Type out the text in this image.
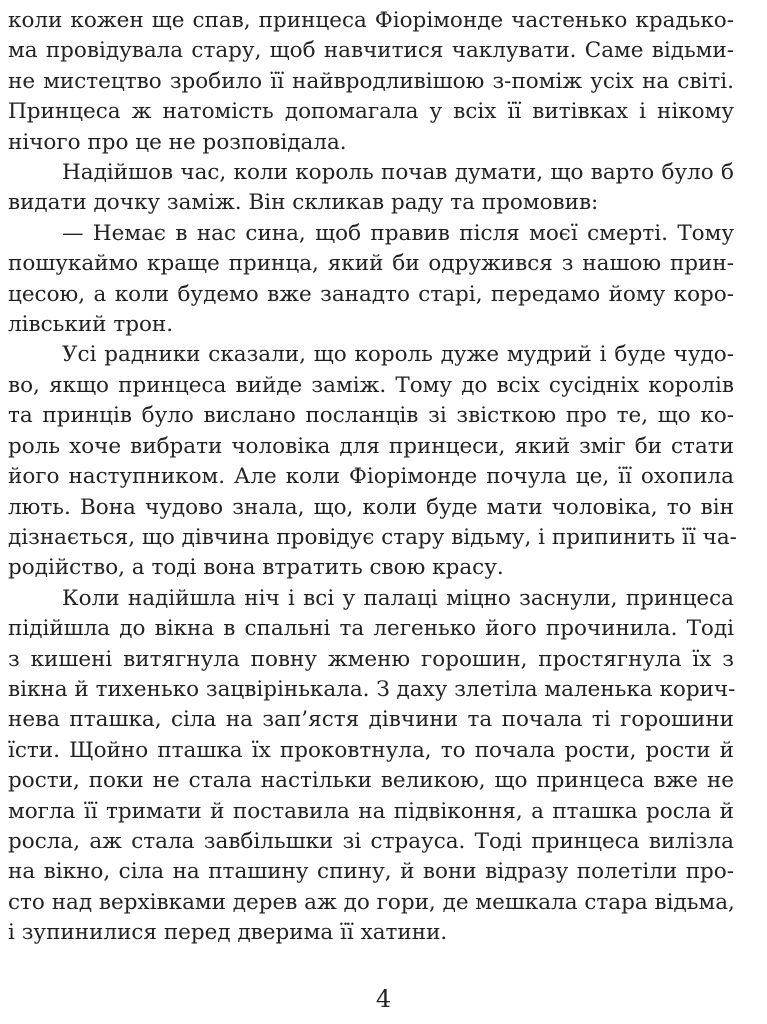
коли кожен ще спав, принцеса Фіорімонде частенько крадько-
ма провідувала стару, щоб навчитися чаклувати. Саме відьми-
не мистецтво зробило її найвродливішою з-поміж усіх на світі.
Принцеса ж натомість допомагала у всіх її витівках і нікому
нічого про це не розповідала.
Надійшов час, коли король почав думати, що варто було б
видати дочку заміж. Він скликав раду та промовив:
— Немає в нас сина, щоб правив після моєї смерті. Тому
пошукаймо краще принца, який би одружився з нашою прин-
цесою, а коли будемо вже занадто старі, передамо йому коро-
лівський трон.
Усі радники сказали, що король дуже мудрий і буде чудо-
во, якщо принцеса вийде заміж. Тому до всіх сусідніх королів
та принців було вислано посланців зі звісткою про те, що ко-
роль хоче вибрати чоловіка для принцеси, який зміг би стати
його наступником. Але коли Фіорімонде почула це, її охопила
лють. Вона чудово знала, що, коли буде мати чоловіка, то він
дізнається, що дівчина провідує стару відьму, і припинить її ча-
родійство, а тоді вона втратить свою красу.
Коли надійшла ніч і всі у палаці міцно заснули, принцеса
підійшла до вікна в спальні та легенько його прочинила. Тоді
з кишені витягнула повну жменю горошин, простягнула їх з
вікна й тихенько зацвірінькала. З даху злетіла маленька корич-
нева пташка, сіла на зап’ястя дівчини та почала ті горошини
їсти. Щойно пташка їх проковтнула, то почала рости, рости й
рости, поки не стала настільки великою, що принцеса вже не
могла її тримати й поставила на підвіконня, а пташка росла й
росла, аж стала завбільшки зі страуса. Тоді принцеса вилізла
на вікно, сіла на пташину спину, й вони відразу полетіли про-
сто над верхівками дерев аж до гори, де мешкала стара відьма,
і зупинилися перед дверима її хатини.
4
